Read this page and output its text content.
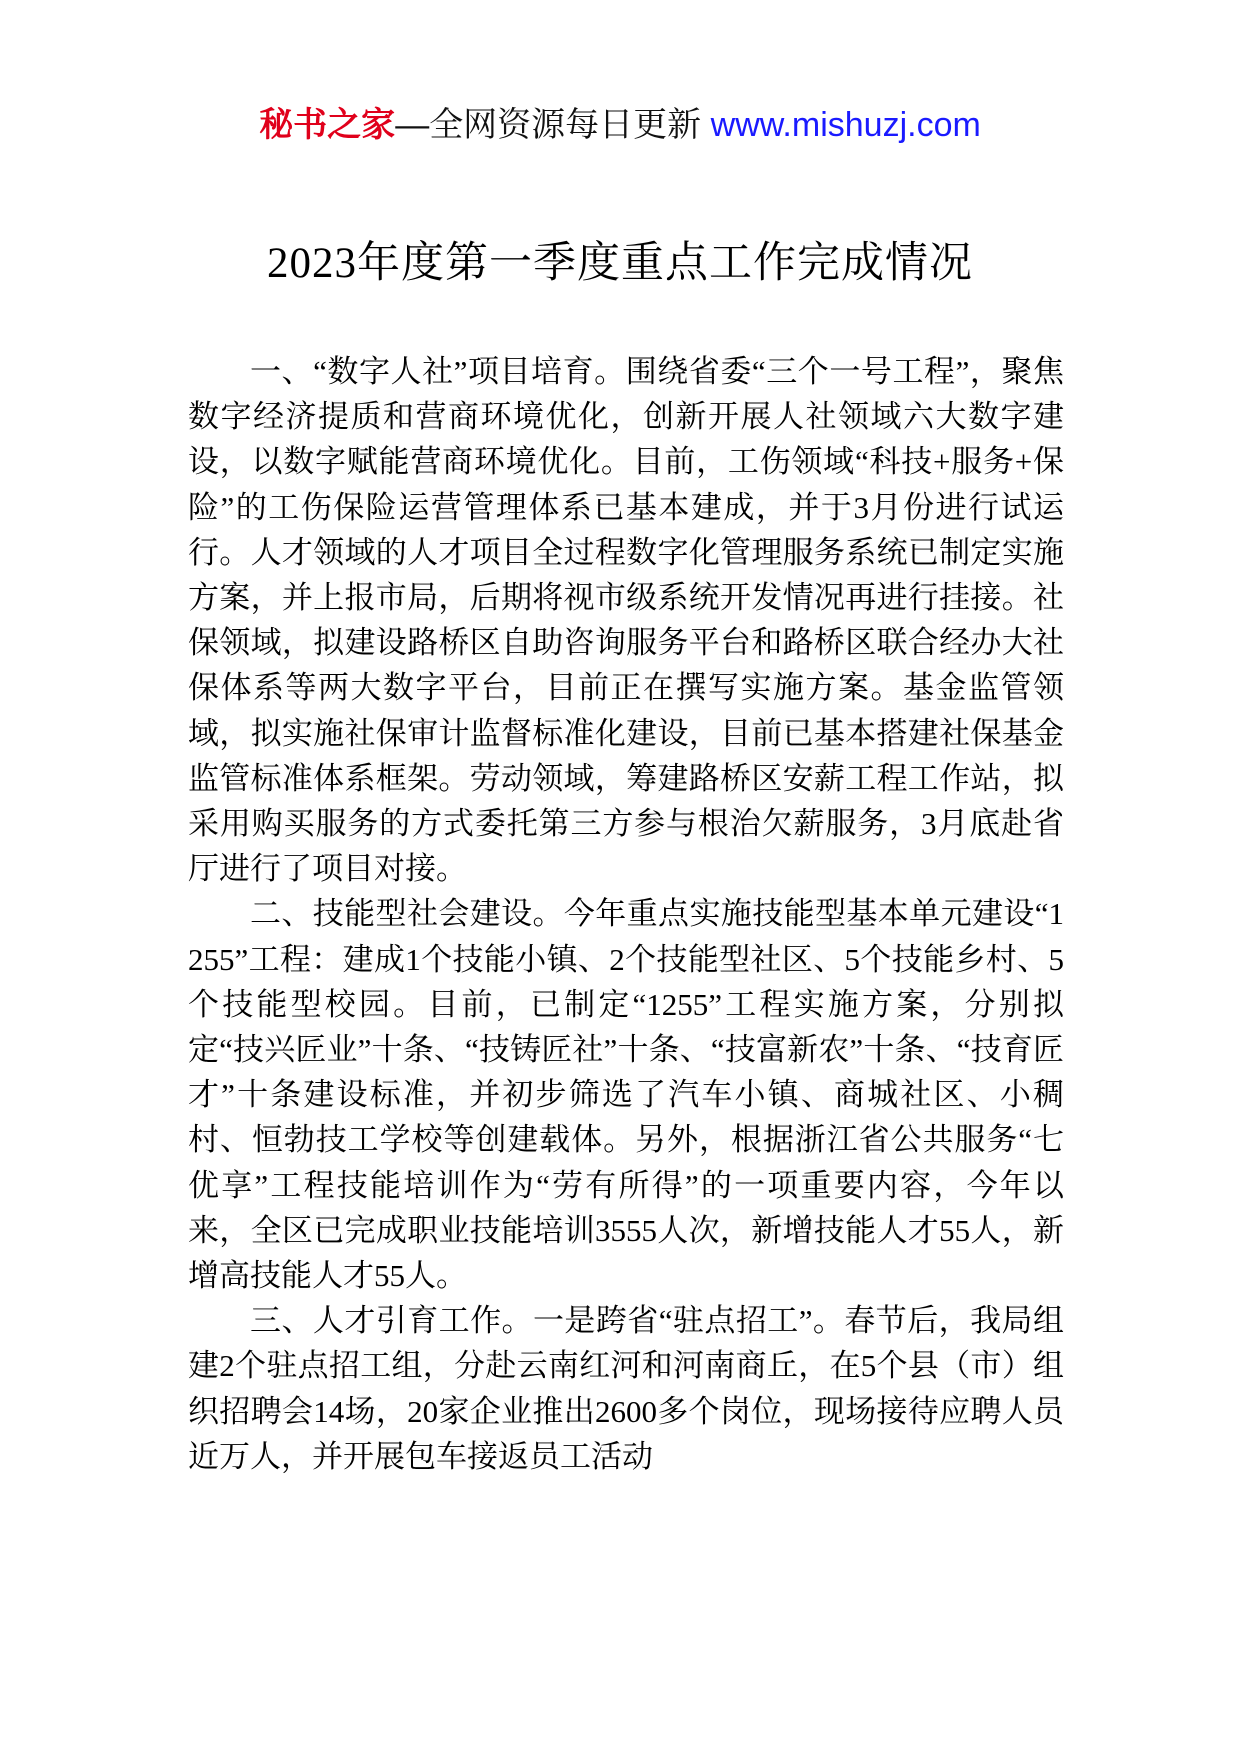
秘书之家—全网资源每日更新 www.mishuzj.com
2023年度第一季度重点工作完成情况

一、“数字人社”项目培育。围绕省委“三个一号工程”，聚焦数字经济提质和营商环境优化，创新开展人社领域六大数字建设，以数字赋能营商环境优化。目前，工伤领域“科技+服务+保险”的工伤保险运营管理体系已基本建成，并于3月份进行试运行。人才领域的人才项目全过程数字化管理服务系统已制定实施方案，并上报市局，后期将视市级系统开发情况再进行挂接。社保领域，拟建设路桥区自助咨询服务平台和路桥区联合经办大社保体系等两大数字平台，目前正在撰写实施方案。基金监管领域，拟实施社保审计监督标准化建设，目前已基本搭建社保基金监管标准体系框架。劳动领域，筹建路桥区安薪工程工作站，拟采用购买服务的方式委托第三方参与根治欠薪服务，3月底赴省厅进行了项目对接。

二、技能型社会建设。今年重点实施技能型基本单元建设“1255”工程：建成1个技能小镇、2个技能型社区、5个技能乡村、5个技能型校园。目前，已制定“1255”工程实施方案，分别拟定“技兴匠业”十条、“技铸匠社”十条、“技富新农”十条、“技育匠才”十条建设标准，并初步筛选了汽车小镇、商城社区、小稠村、恒勃技工学校等创建载体。另外，根据浙江省公共服务“七优享”工程技能培训作为“劳有所得”的一项重要内容，今年以来，全区已完成职业技能培训3555人次，新增技能人才55人，新增高技能人才55人。

三、人才引育工作。一是跨省“驻点招工”。春节后，我局组建2个驻点招工组，分赴云南红河和河南商丘，在5个县（市）组织招聘会14场，20家企业推出2600多个岗位，现场接待应聘人员近万人，并开展包车接返员工活动
